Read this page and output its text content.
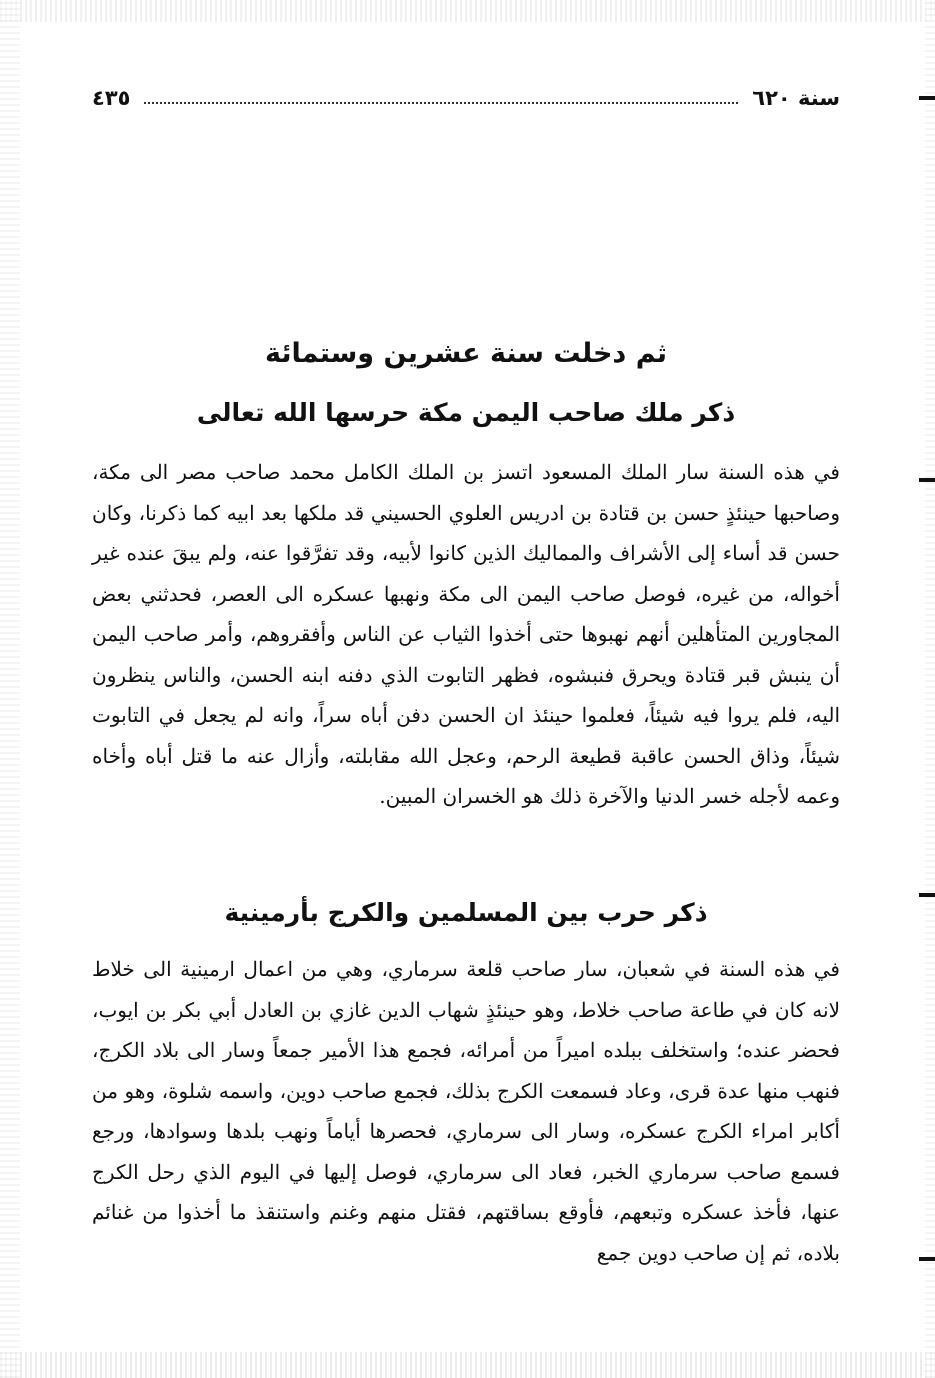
سنة ٦٢٠
٤٣٥
ثم دخلت سنة عشرين وستمائة
ذكر ملك صاحب اليمن مكة حرسها الله تعالى
في هذه السنة سار الملك المسعود اتسز بن الملك الكامل محمد صاحب مصر الى مكة، وصاحبها حينئذٍ حسن بن قتادة بن ادريس العلوي الحسيني قد ملكها بعد ابيه كما ذكرنا، وكان حسن قد أساء إلى الأشراف والمماليك الذين كانوا لأبيه، وقد تفرَّقوا عنه، ولم يبقَ عنده غير أخواله، من غيره، فوصل صاحب اليمن الى مكة ونهبها عسكره الى العصر، فحدثني بعض المجاورين المتأهلين أنهم نهبوها حتى أخذوا الثياب عن الناس وأفقروهم، وأمر صاحب اليمن أن ينبش قبر قتادة ويحرق فنبشوه، فظهر التابوت الذي دفنه ابنه الحسن، والناس ينظرون اليه، فلم يروا فيه شيئاً، فعلموا حينئذ ان الحسن دفن أباه سراً، وانه لم يجعل في التابوت شيئاً، وذاق الحسن عاقبة قطيعة الرحم، وعجل الله مقابلته، وأزال عنه ما قتل أباه وأخاه وعمه لأجله خسر الدنيا والآخرة ذلك هو الخسران المبين.
ذكر حرب بين المسلمين والكرج بأرمينية
في هذه السنة في شعبان، سار صاحب قلعة سرماري، وهي من اعمال ارمينية الى خلاط لانه كان في طاعة صاحب خلاط، وهو حينئذٍ شهاب الدين غازي بن العادل أبي بكر بن ايوب، فحضر عنده؛ واستخلف ببلده اميراً من أمرائه، فجمع هذا الأمير جمعاً وسار الى بلاد الكرج، فنهب منها عدة قرى، وعاد فسمعت الكرج بذلك، فجمع صاحب دوين، واسمه شلوة، وهو من أكابر امراء الكرج عسكره، وسار الى سرماري، فحصرها أياماً ونهب بلدها وسوادها، ورجع فسمع صاحب سرماري الخبر، فعاد الى سرماري، فوصل إليها في اليوم الذي رحل الكرج عنها، فأخذ عسكره وتبعهم، فأوقع بساقتهم، فقتل منهم وغنم واستنقذ ما أخذوا من غنائم بلاده، ثم إن صاحب دوين جمع
